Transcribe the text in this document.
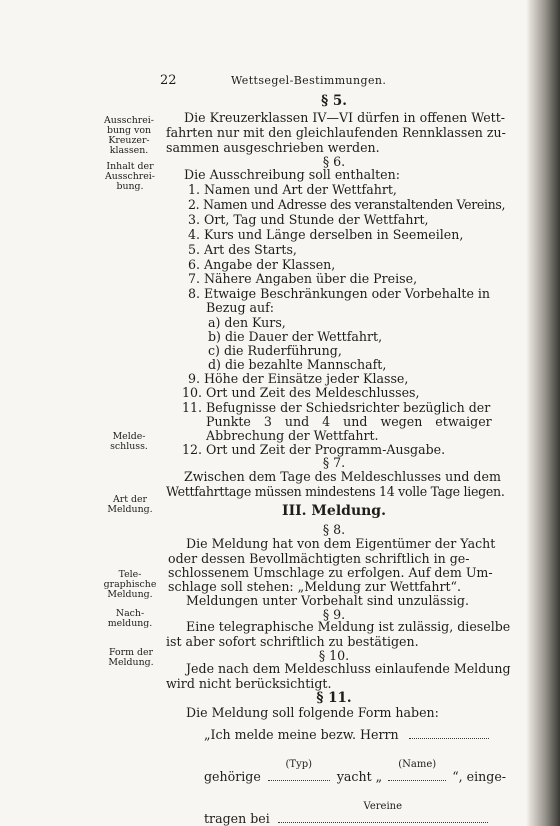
22	Wettsegel-Bestimmungen.
Ausschrei-
bung von
Kreuzer-
klassen.
Inhalt der
Ausschrei-
bung.
Melde-
schluss.
Art der
Meldung.
Tele-
graphische
Meldung.
Nach-
meldung.
Form der
Meldung.
§ 5.
Die Kreuzerklassen IV—VI dürfen in offenen Wett-
fahrten nur mit den gleichlaufenden Rennklassen zu-
sammen ausgeschrieben werden.
§ 6.
Die Ausschreibung soll enthalten:
1. Namen und Art der Wettfahrt,
2. Namen und Adresse des veranstaltenden Vereins,
3. Ort, Tag und Stunde der Wettfahrt,
4. Kurs und Länge derselben in Seemeilen,
5. Art des Starts,
6. Angabe der Klassen,
7. Nähere Angaben über die Preise,
8. Etwaige Beschränkungen oder Vorbehalte in
Bezug auf:
a) den Kurs,
b) die Dauer der Wettfahrt,
c) die Ruderführung,
d) die bezahlte Mannschaft,
9. Höhe der Einsätze jeder Klasse,
10. Ort und Zeit des Meldeschlusses,
11. Befugnisse der Schiedsrichter bezüglich der
Punkte 3 und 4 und wegen etwaiger
Abbrechung der Wettfahrt.
12. Ort und Zeit der Programm-Ausgabe.
§ 7.
Zwischen dem Tage des Meldeschlusses und dem
Wettfahrttage müssen mindestens 14 volle Tage liegen.
III. Meldung.
§ 8.
Die Meldung hat von dem Eigentümer der Yacht
oder dessen Bevollmächtigten schriftlich in ge-
schlossenem Umschlage zu erfolgen. Auf dem Um-
schlage soll stehen: „Meldung zur Wettfahrt“.
Meldungen unter Vorbehalt sind unzulässig.
§ 9.
Eine telegraphische Meldung ist zulässig, dieselbe
ist aber sofort schriftlich zu bestätigen.
§ 10.
Jede nach dem Meldeschluss einlaufende Meldung
wird nicht berücksichtigt.
§ 11.
Die Meldung soll folgende Form haben:
„Ich melde meine bezw. Herrn
gehörige
(Typ)
yacht „
(Name)
“, einge-
tragen bei
Vereine
